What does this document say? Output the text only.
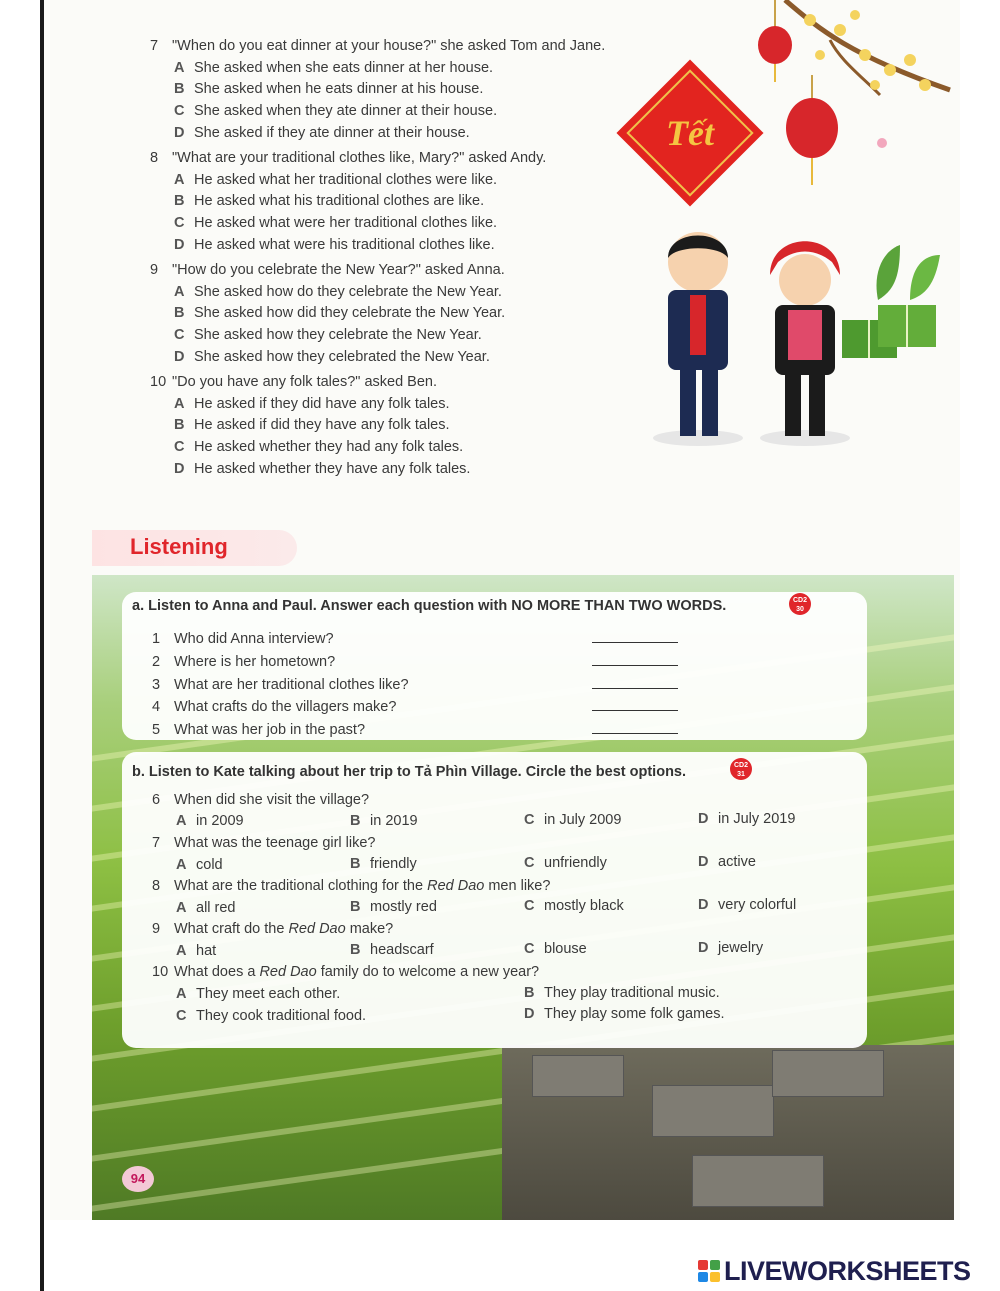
7 "When do you eat dinner at your house?" she asked Tom and Jane.
A She asked when she eats dinner at her house.
B She asked when he eats dinner at his house.
C She asked when they ate dinner at their house.
D She asked if they ate dinner at their house.
8 "What are your traditional clothes like, Mary?" asked Andy.
A He asked what her traditional clothes were like.
B He asked what his traditional clothes are like.
C He asked what were her traditional clothes like.
D He asked what were his traditional clothes like.
9 "How do you celebrate the New Year?" asked Anna.
A She asked how do they celebrate the New Year.
B She asked how did they celebrate the New Year.
C She asked how they celebrate the New Year.
D She asked how they celebrated the New Year.
10 "Do you have any folk tales?" asked Ben.
A He asked if they did have any folk tales.
B He asked if did they have any folk tales.
C He asked whether they had any folk tales.
D He asked whether they have any folk tales.
Tết
Listening
a. Listen to Anna and Paul. Answer each question with NO MORE THAN TWO WORDS.	CD2
30
1 Who did Anna interview?
2 Where is her hometown?
3 What are her traditional clothes like?
4 What crafts do the villagers make?
5 What was her job in the past?
b. Listen to Kate talking about her trip to Tả Phìn Village. Circle the best options.	CD2
31
6 When did she visit the village?
A in 2009	B in 2019	C in July 2009	D in July 2019
7 What was the teenage girl like?
A cold	B friendly	C unfriendly	D active
8 What are the traditional clothing for the Red Dao men like?
A all red	B mostly red	C mostly black	D very colorful
9 What craft do the Red Dao make?
A hat	B headscarf	C blouse	D jewelry
10 What does a Red Dao family do to welcome a new year?
A They meet each other.	B They play traditional music.
C They cook traditional food.	D They play some folk games.
94
LIVEWORKSHEETS
